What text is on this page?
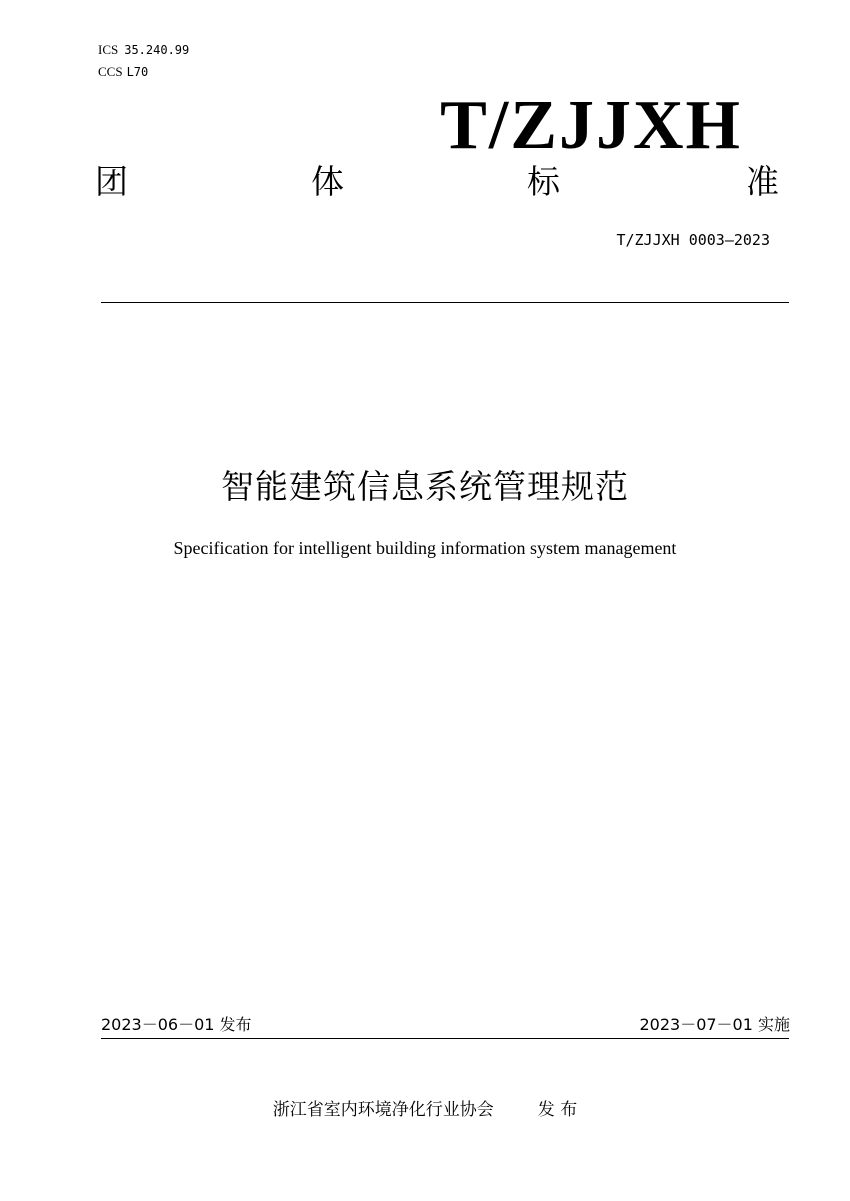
ICS 35.240.99
CCS L70
T/ZJJXH
团	体	标	准
T/ZJJXH 0003—2023
智能建筑信息系统管理规范
Specification for intelligent building information system management
2023－06－01 发布	2023－07－01 实施
浙江省室内环境净化行业协会	发 布
